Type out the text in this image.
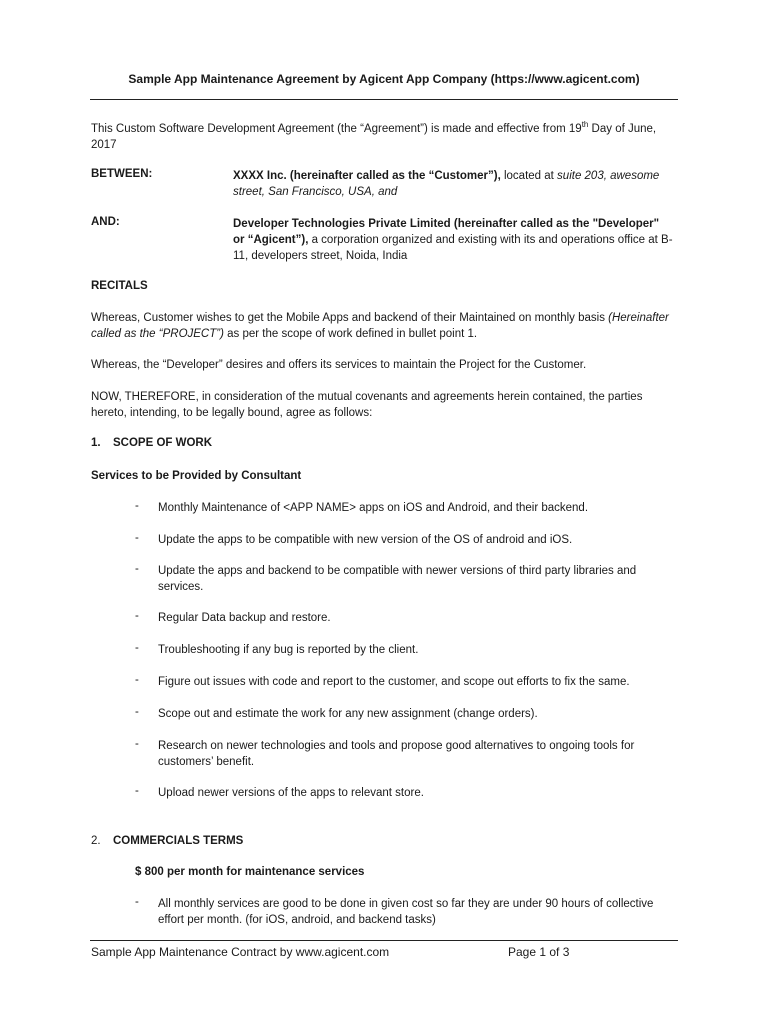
Sample App Maintenance Agreement by Agicent App Company (https://www.agicent.com)
This Custom Software Development Agreement (the “Agreement”) is made and effective from 19th Day of June,
2017
BETWEEN:	XXXX Inc. (hereinafter called as the “Customer”), located at suite 203, awesome street, San Francisco, USA, and
AND:	Developer Technologies Private Limited (hereinafter called as the "Developer" or “Agicent”), a corporation organized and existing with its and operations office at B-11, developers street, Noida, India
RECITALS
Whereas, Customer wishes to get the Mobile Apps and backend of their Maintained on monthly basis (Hereinafter called as the “PROJECT”) as per the scope of work defined in bullet point 1.
Whereas, the “Developer” desires and offers its services to maintain the Project for the Customer.
NOW, THEREFORE, in consideration of the mutual covenants and agreements herein contained, the parties hereto, intending, to be legally bound, agree as follows:
1. SCOPE OF WORK
Services to be Provided by Consultant
- Monthly Maintenance of <APP NAME> apps on iOS and Android, and their backend.
- Update the apps to be compatible with new version of the OS of android and iOS.
- Update the apps and backend to be compatible with newer versions of third party libraries and services.
- Regular Data backup and restore.
- Troubleshooting if any bug is reported by the client.
- Figure out issues with code and report to the customer, and scope out efforts to fix the same.
- Scope out and estimate the work for any new assignment (change orders).
- Research on newer technologies and tools and propose good alternatives to ongoing tools for customers’ benefit.
- Upload newer versions of the apps to relevant store.
2. COMMERCIALS TERMS
$ 800 per month for maintenance services
- All monthly services are good to be done in given cost so far they are under 90 hours of collective effort per month. (for iOS, android, and backend tasks)
Sample App Maintenance Contract by www.agicent.com	Page 1 of 3
